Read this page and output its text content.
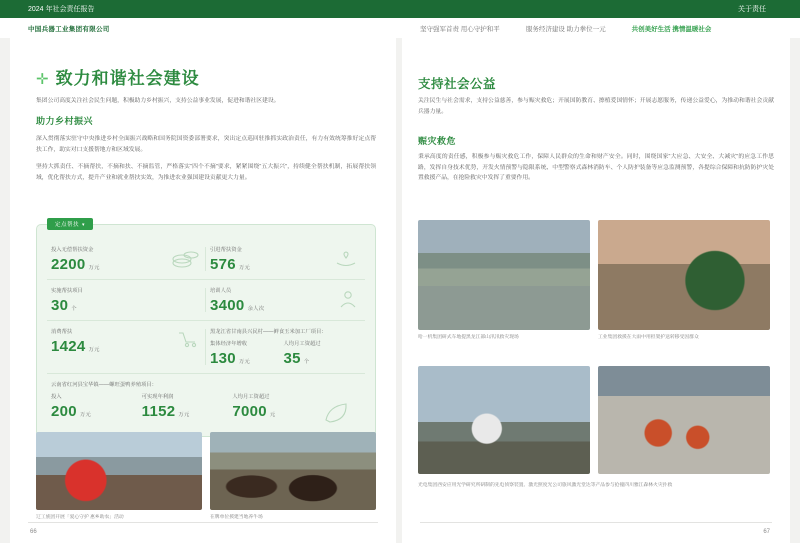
2024 年社会责任报告	关于责任
中国兵器工业集团有限公司	坚守强军首责 用心守护和平	服务经济建设 助力拳位一元	共创美好生活 携情温暖社会
✛ 致力和谐社会建设

集团公司高度关注社会民生问题，积极助力乡村振兴，支持公益事业发展，促进和谐社区建设。

助力乡村振兴

深入贯彻落实驻守中央推进乡村全面振兴战略和国务院国资委部署要求，突出定点巡回驻推抓实政治责任，有力有效统筹推好定点帮扶工作，助实对口支援帮地方和区域发展。

坚持大抓责任、不摘帮扶，不摘和扶、不摘监管，严格落实“四个不摘”要求，紧紧围绕“五大振兴”，持续健全帮扶机制，拓展帮扶领域，优化帮扶方式，提升产业和就业帮扶实效，为推进农业强国建设贡献更大力量。

定点帮扶 ▾
投入无偿帮扶资金
2200 万元
引进帮扶资金
576 万元
实施帮扶项目
30 个
培训人员
3400 余人次
消费帮扶
1424 万元
黑龙江省甘南县兴民村——鲜食玉米加工厂项目：
集体经济年增收
130 万元
人均月工资超过
35 个
云南省红河县宝华镇——螺旺蛋鸭养殖项目：
投入
200 万元
可实现年利润
1152 万元
人均月工资超过
7000 元
辽工族团开展「爱心守护 惠乡助农」活动	在牌单位援建当地养牛场
66
支持社会公益

关注民生与社会需求，支持公益慈善，参与赈灾救危；开展国防教育、擦植爱国情怀；开展志愿服务，传递公益爱心，为推动和谐社会贡献兵器力量。

赈灾救危

秉承高度的责任感，积极参与赈灾救危工作，保障人民群众的生命和财产安全。同时，围绕国家“大应急、大安全、大减灾”的应急工作思路，发挥自身技术优势，开发火情预警与隐限系统、中型警察式森林消防车、个人防护装备等应急监测预警，各提综合保障和抗防防护灾处置救援产品，在抢险救灾中发挥了重要作用。

哈一机集团研式车地提黑龙江部山汛汛救灾现场	工业集团救援在大雨中用担架护送转移受因群众
光电集团西安应用光学研究所研制的先电侦察装置、激光照度光公司旅风激光堂达等产品参与抢撞四川雅江森林火灾扑救
67
